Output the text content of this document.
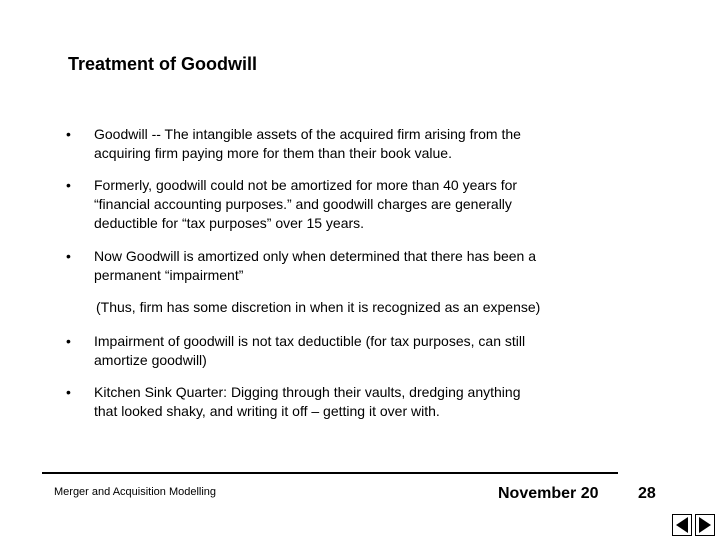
Treatment of Goodwill
• Goodwill -- The intangible assets of the acquired firm arising from the
acquiring firm paying more for them than their book value.
• Formerly, goodwill could not be amortized for more than 40 years for
“financial accounting purposes.” and goodwill charges are generally
deductible for “tax purposes” over 15 years.
• Now Goodwill is amortized only when determined that there has been a
permanent “impairment”
(Thus, firm has some discretion in when it is recognized as an expense)
• Impairment of goodwill is not tax deductible (for tax purposes, can still
amortize goodwill)
• Kitchen Sink Quarter: Digging through their vaults, dredging anything
that looked shaky, and writing it off – getting it over with.
Merger and Acquisition Modelling	November 20 28
